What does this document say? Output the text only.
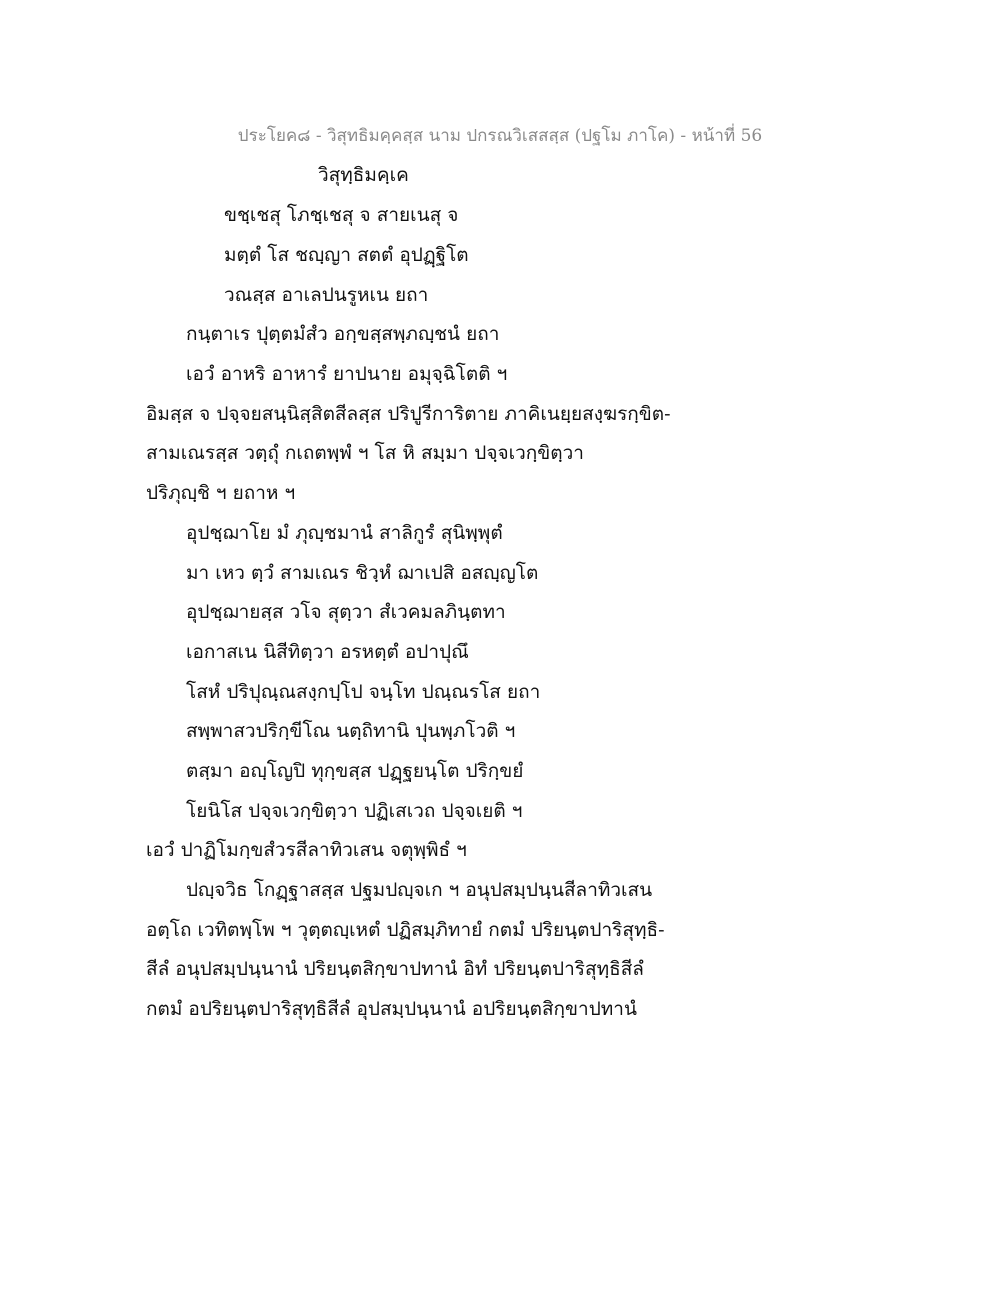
ประโยค๘ - วิสุทธิมคฺคสฺส นาม ปกรณวิเสสสฺส (ปฐโม ภาโค) - หน้าที่ 56
วิสุทฺธิมคฺเค
ขชฺเชสุ โภชฺเชสุ จ สายเนสุ จ
มตฺตํ โส ชญฺญา สตตํ อุปฏฺฐิโต
วณสฺส อาเลปนรูหเน ยถา
กนฺตาเร ปุตฺตมํสํว อกฺขสฺสพฺภญฺชนํ ยถา
เอวํ อาหริ อาหารํ ยาปนาย อมุจฺฉิโตติ ฯ
อิมสฺส จ ปจฺจยสนฺนิสฺสิตสีลสฺส ปริปูรีการิตาย ภาคิเนยฺยสงฺฆรกฺขิต-
สามเณรสฺส วตฺถุํ กเถตพฺพํ ฯ โส หิ สมฺมา ปจฺจเวกฺขิตฺวา
ปริภุญฺชิ ฯ ยถาห ฯ
อุปชฺฌาโย มํ ภุญฺชมานํ สาลิกูรํ สุนิพฺพุตํ
มา เหว ตฺวํ สามเณร ชิวฺหํ ฌาเปสิ อสญฺญโต
อุปชฺฌายสฺส วโจ สุตฺวา สํเวคมลภินฺตทา
เอกาสเน นิสีทิตฺวา อรหตฺตํ อปาปุณึ
โสหํ ปริปุณฺณสงฺกปฺโป จนฺโท ปณฺณรโส ยถา
สพฺพาสวปริกฺขีโณ นตฺถิทานิ ปุนพฺภโวติ ฯ
ตสฺมา อญฺโญปิ ทุกฺขสฺส ปฏฺฐยนฺโต ปริกฺขยํ
โยนิโส ปจฺจเวกฺขิตฺวา ปฏิเสเวถ ปจฺจเยติ ฯ
เอวํ ปาฏิโมกฺขสํวรสีลาทิวเสน จตุพฺพิธํ ฯ
ปญฺจวิธ โกฏฺฐาสสฺส ปฐมปญฺจเก ฯ อนุปสมฺปนฺนสีลาทิวเสน
อตฺโถ เวทิตพฺโพ ฯ วุตฺตญฺเหตํ ปฏิสมฺภิทายํ กตมํ ปริยนฺตปาริสุทฺธิ-
สีลํ อนุปสมฺปนฺนานํ ปริยนฺตสิกฺขาปทานํ อิทํ ปริยนฺตปาริสุทฺธิสีลํ
กตมํ อปริยนฺตปาริสุทฺธิสีลํ อุปสมฺปนฺนานํ อปริยนฺตสิกฺขาปทานํ
